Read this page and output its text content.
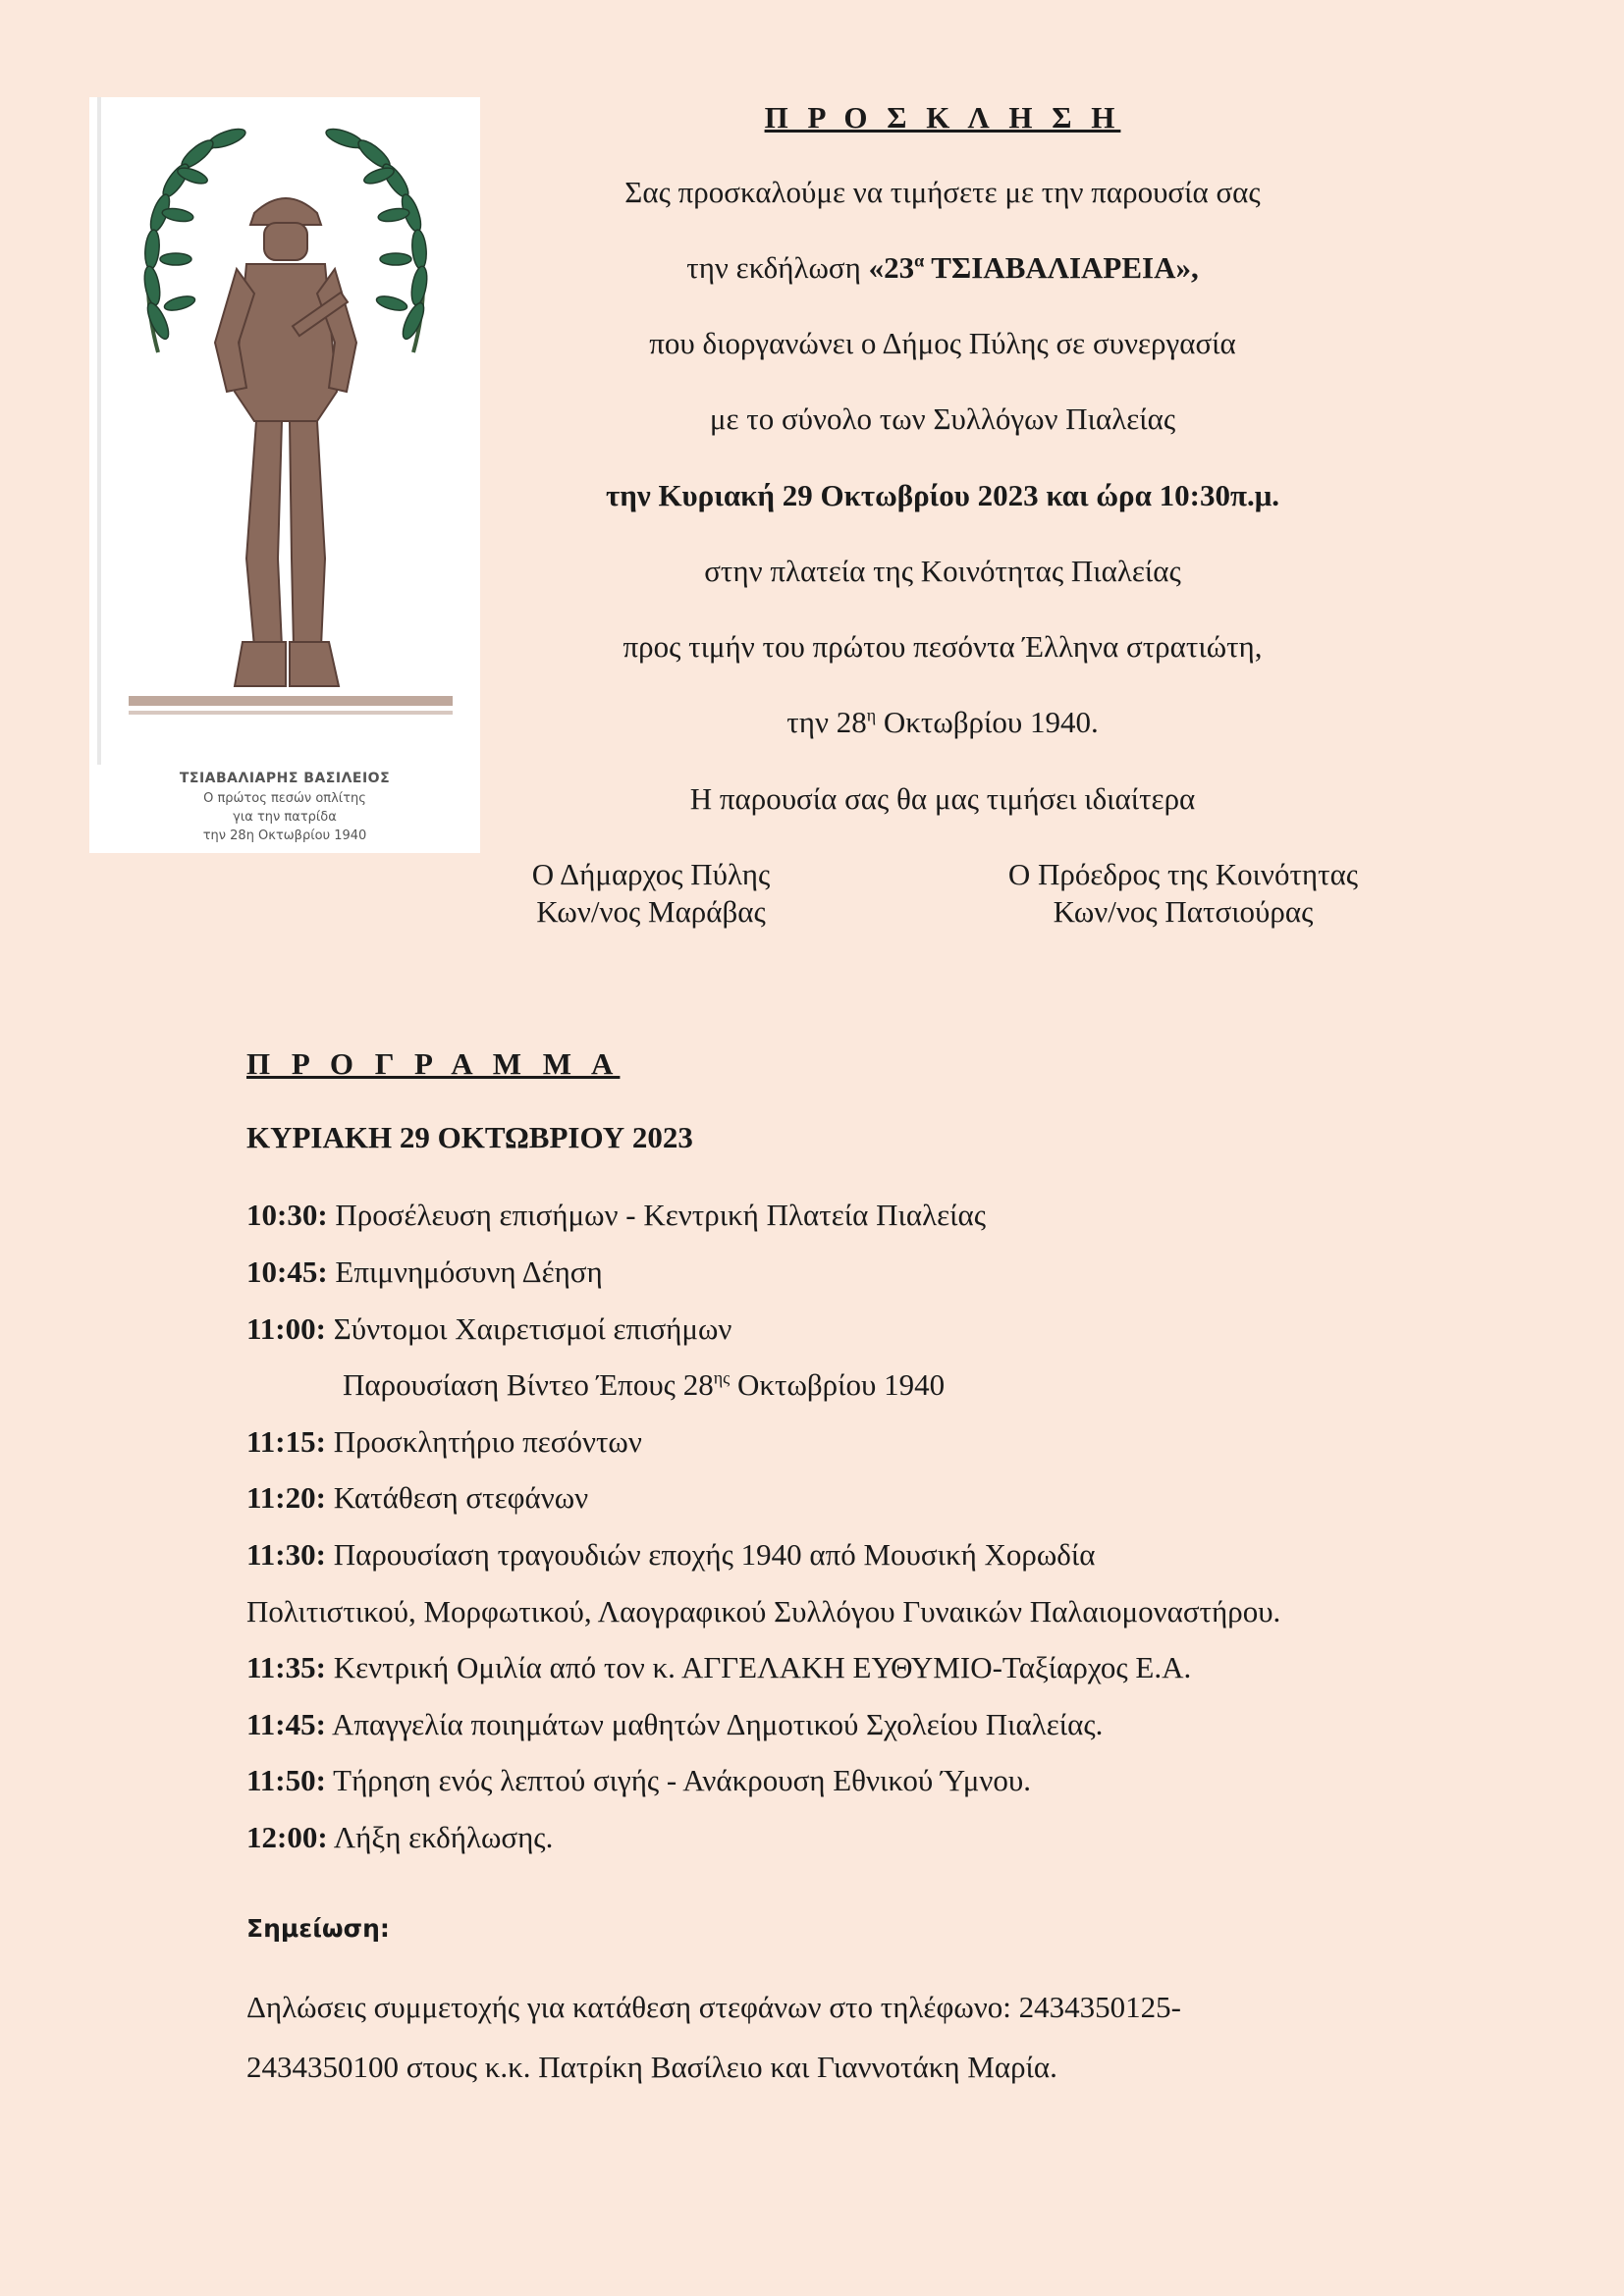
ΤΣΙΑΒΑΛΙΑΡΗΣ ΒΑΣΙΛΕΙΟΣ
Ο πρώτος πεσών οπλίτης
για την πατρίδα
την 28η Οκτωβρίου 1940
Π Ρ Ο Σ Κ Λ Η Σ Η
Σας προσκαλούμε να τιμήσετε με την παρουσία σας
την εκδήλωση «$23^\alpha$ ΤΣΙΑΒΑΛΙΑΡΕΙΑ»,
που διοργανώνει ο Δήμος Πύλης σε συνεργασία
με το σύνολο των Συλλόγων Πιαλείας
την Κυριακή 29 Οκτωβρίου 2023 και ώρα 10:30π.μ.
στην πλατεία της Κοινότητας Πιαλείας
προς τιμήν του πρώτου πεσόντα Έλληνα στρατιώτη,
την $28^\eta$ Οκτωβρίου 1940.
Η παρουσία σας θα μας τιμήσει ιδιαίτερα
Ο Δήμαρχος Πύλης
Κων/νος Μαράβας
Ο Πρόεδρος της Κοινότητας
Κων/νος Πατσιούρας
Π Ρ Ο Γ Ρ Α Μ Μ Α
ΚΥΡΙΑΚΗ 29 ΟΚΤΩΒΡΙΟΥ 2023
10:30: Προσέλευση επισήμων - Κεντρική Πλατεία Πιαλείας
10:45: Επιμνημόσυνη Δέηση
11:00: Σύντομοι Χαιρετισμοί επισήμων
Παρουσίαση Βίντεο Έπους $28^{\eta\varsigma}$ Οκτωβρίου 1940
11:15: Προσκλητήριο πεσόντων
11:20: Κατάθεση στεφάνων
11:30: Παρουσίαση τραγουδιών εποχής 1940 από Μουσική Χορωδία
Πολιτιστικού, Μορφωτικού, Λαογραφικού Συλλόγου Γυναικών Παλαιομοναστήρου.
11:35: Κεντρική Ομιλία από τον κ. ΑΓΓΕΛΑΚΗ ΕΥΘΥΜΙΟ-Ταξίαρχος Ε.Α.
11:45: Απαγγελία ποιημάτων μαθητών Δημοτικού Σχολείου Πιαλείας.
11:50: Τήρηση ενός λεπτού σιγής - Ανάκρουση Εθνικού Ύμνου.
12:00: Λήξη εκδήλωσης.
Σημείωση:
Δηλώσεις συμμετοχής για κατάθεση στεφάνων στο τηλέφωνο: 2434350125-
2434350100 στους κ.κ. Πατρίκη Βασίλειο και Γιαννοτάκη Μαρία.
